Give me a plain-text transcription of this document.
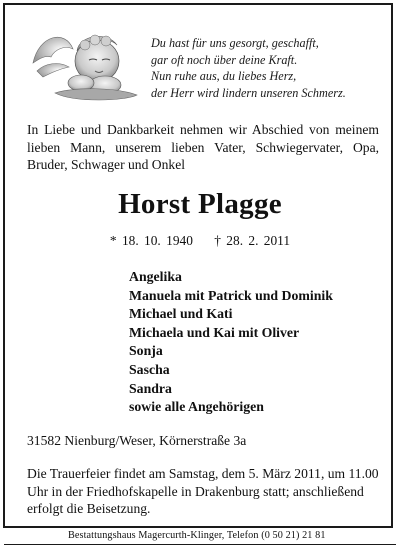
Du hast für uns gesorgt, geschafft,
gar oft noch über deine Kraft.
Nun ruhe aus, du liebes Herz,
der Herr wird lindern unseren Schmerz.
In Liebe und Dankbarkeit nehmen wir Abschied von meinem lieben Mann, unserem lieben Vater, Schwiegervater, Opa, Bruder, Schwager und Onkel
Horst Plagge
* 18. 10. 1940 † 28. 2. 2011
Angelika
Manuela mit Patrick und Dominik
Michael und Kati
Michaela und Kai mit Oliver
Sonja
Sascha
Sandra
sowie alle Angehörigen
31582 Nienburg/Weser, Körnerstraße 3a
Die Trauerfeier findet am Samstag, dem 5. März 2011, um 11.00 Uhr in der Friedhofskapelle in Drakenburg statt; anschließend erfolgt die Beisetzung.
Bestattungshaus Magercurth-Klinger, Telefon (0 50 21) 21 81
